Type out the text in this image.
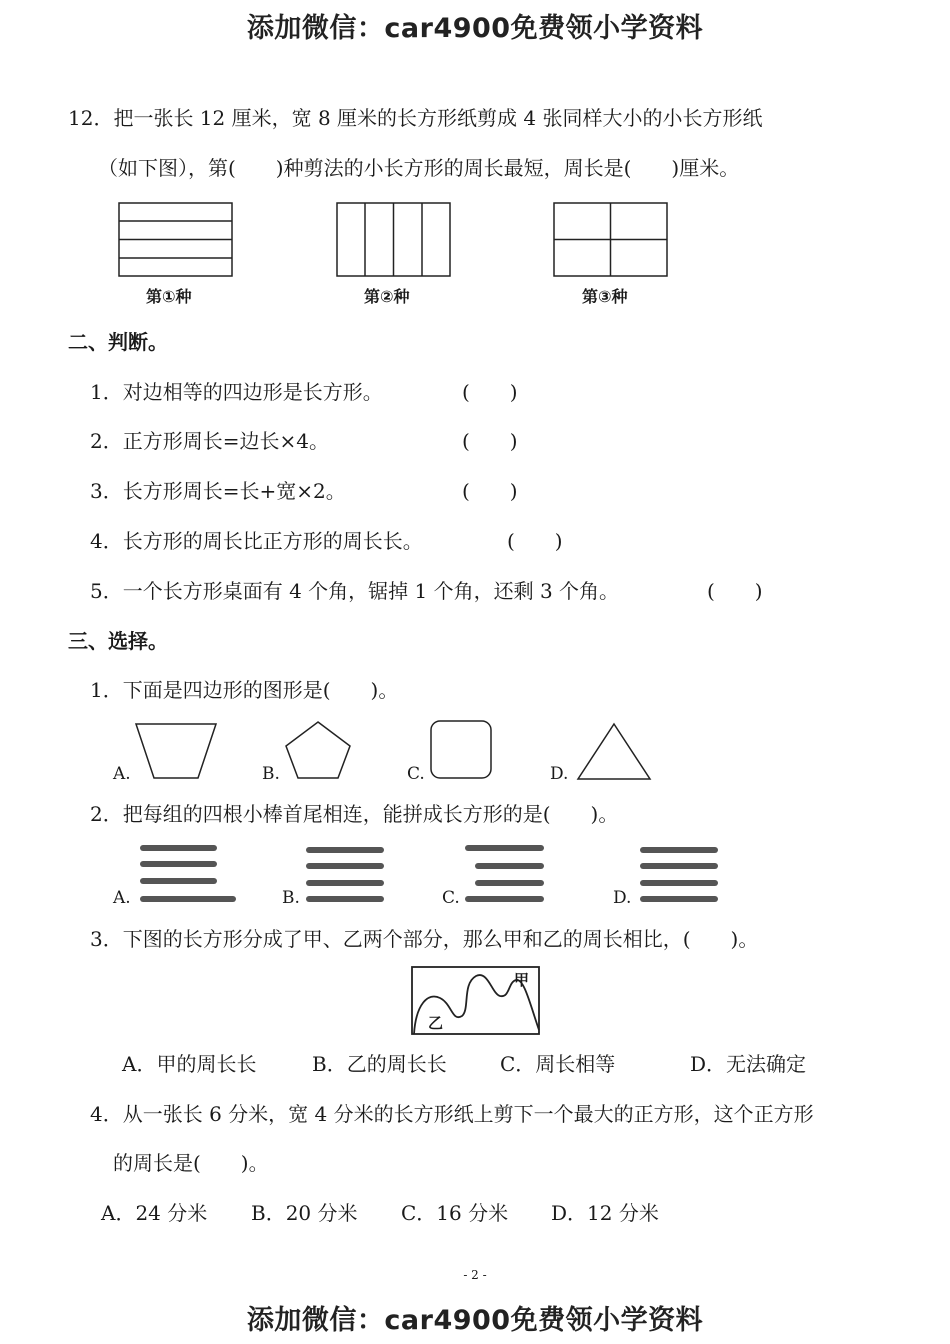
添加微信：car4900免费领小学资料
12．把一张长 12 厘米，宽 8 厘米的长方形纸剪成 4 张同样大小的小长方形纸
（如下图），第(　　)种剪法的小长方形的周长最短，周长是(　　)厘米。
第①种	第②种	第③种
二、判断。
1．对边相等的四边形是长方形。	(　　)
2．正方形周长=边长×4。	(　　)
3．长方形周长=长+宽×2。	(　　)
4．长方形的周长比正方形的周长长。	(　　)
5．一个长方形桌面有 4 个角，锯掉 1 个角，还剩 3 个角。	(　　)
三、选择。
1．下面是四边形的图形是(　　)。
A.	B.	C.	D.
2．把每组的四根小棒首尾相连，能拼成长方形的是(　　)。
A.	B.	C.	D.
3．下图的长方形分成了甲、乙两个部分，那么甲和乙的周长相比，(　　)。
甲
乙
A．甲的周长长	B．乙的周长长	C．周长相等	D．无法确定
4．从一张长 6 分米，宽 4 分米的长方形纸上剪下一个最大的正方形，这个正方形
的周长是(　　)。
A．24 分米 B．20 分米 C．16 分米 D．12 分米
- 2 -
添加微信：car4900免费领小学资料
